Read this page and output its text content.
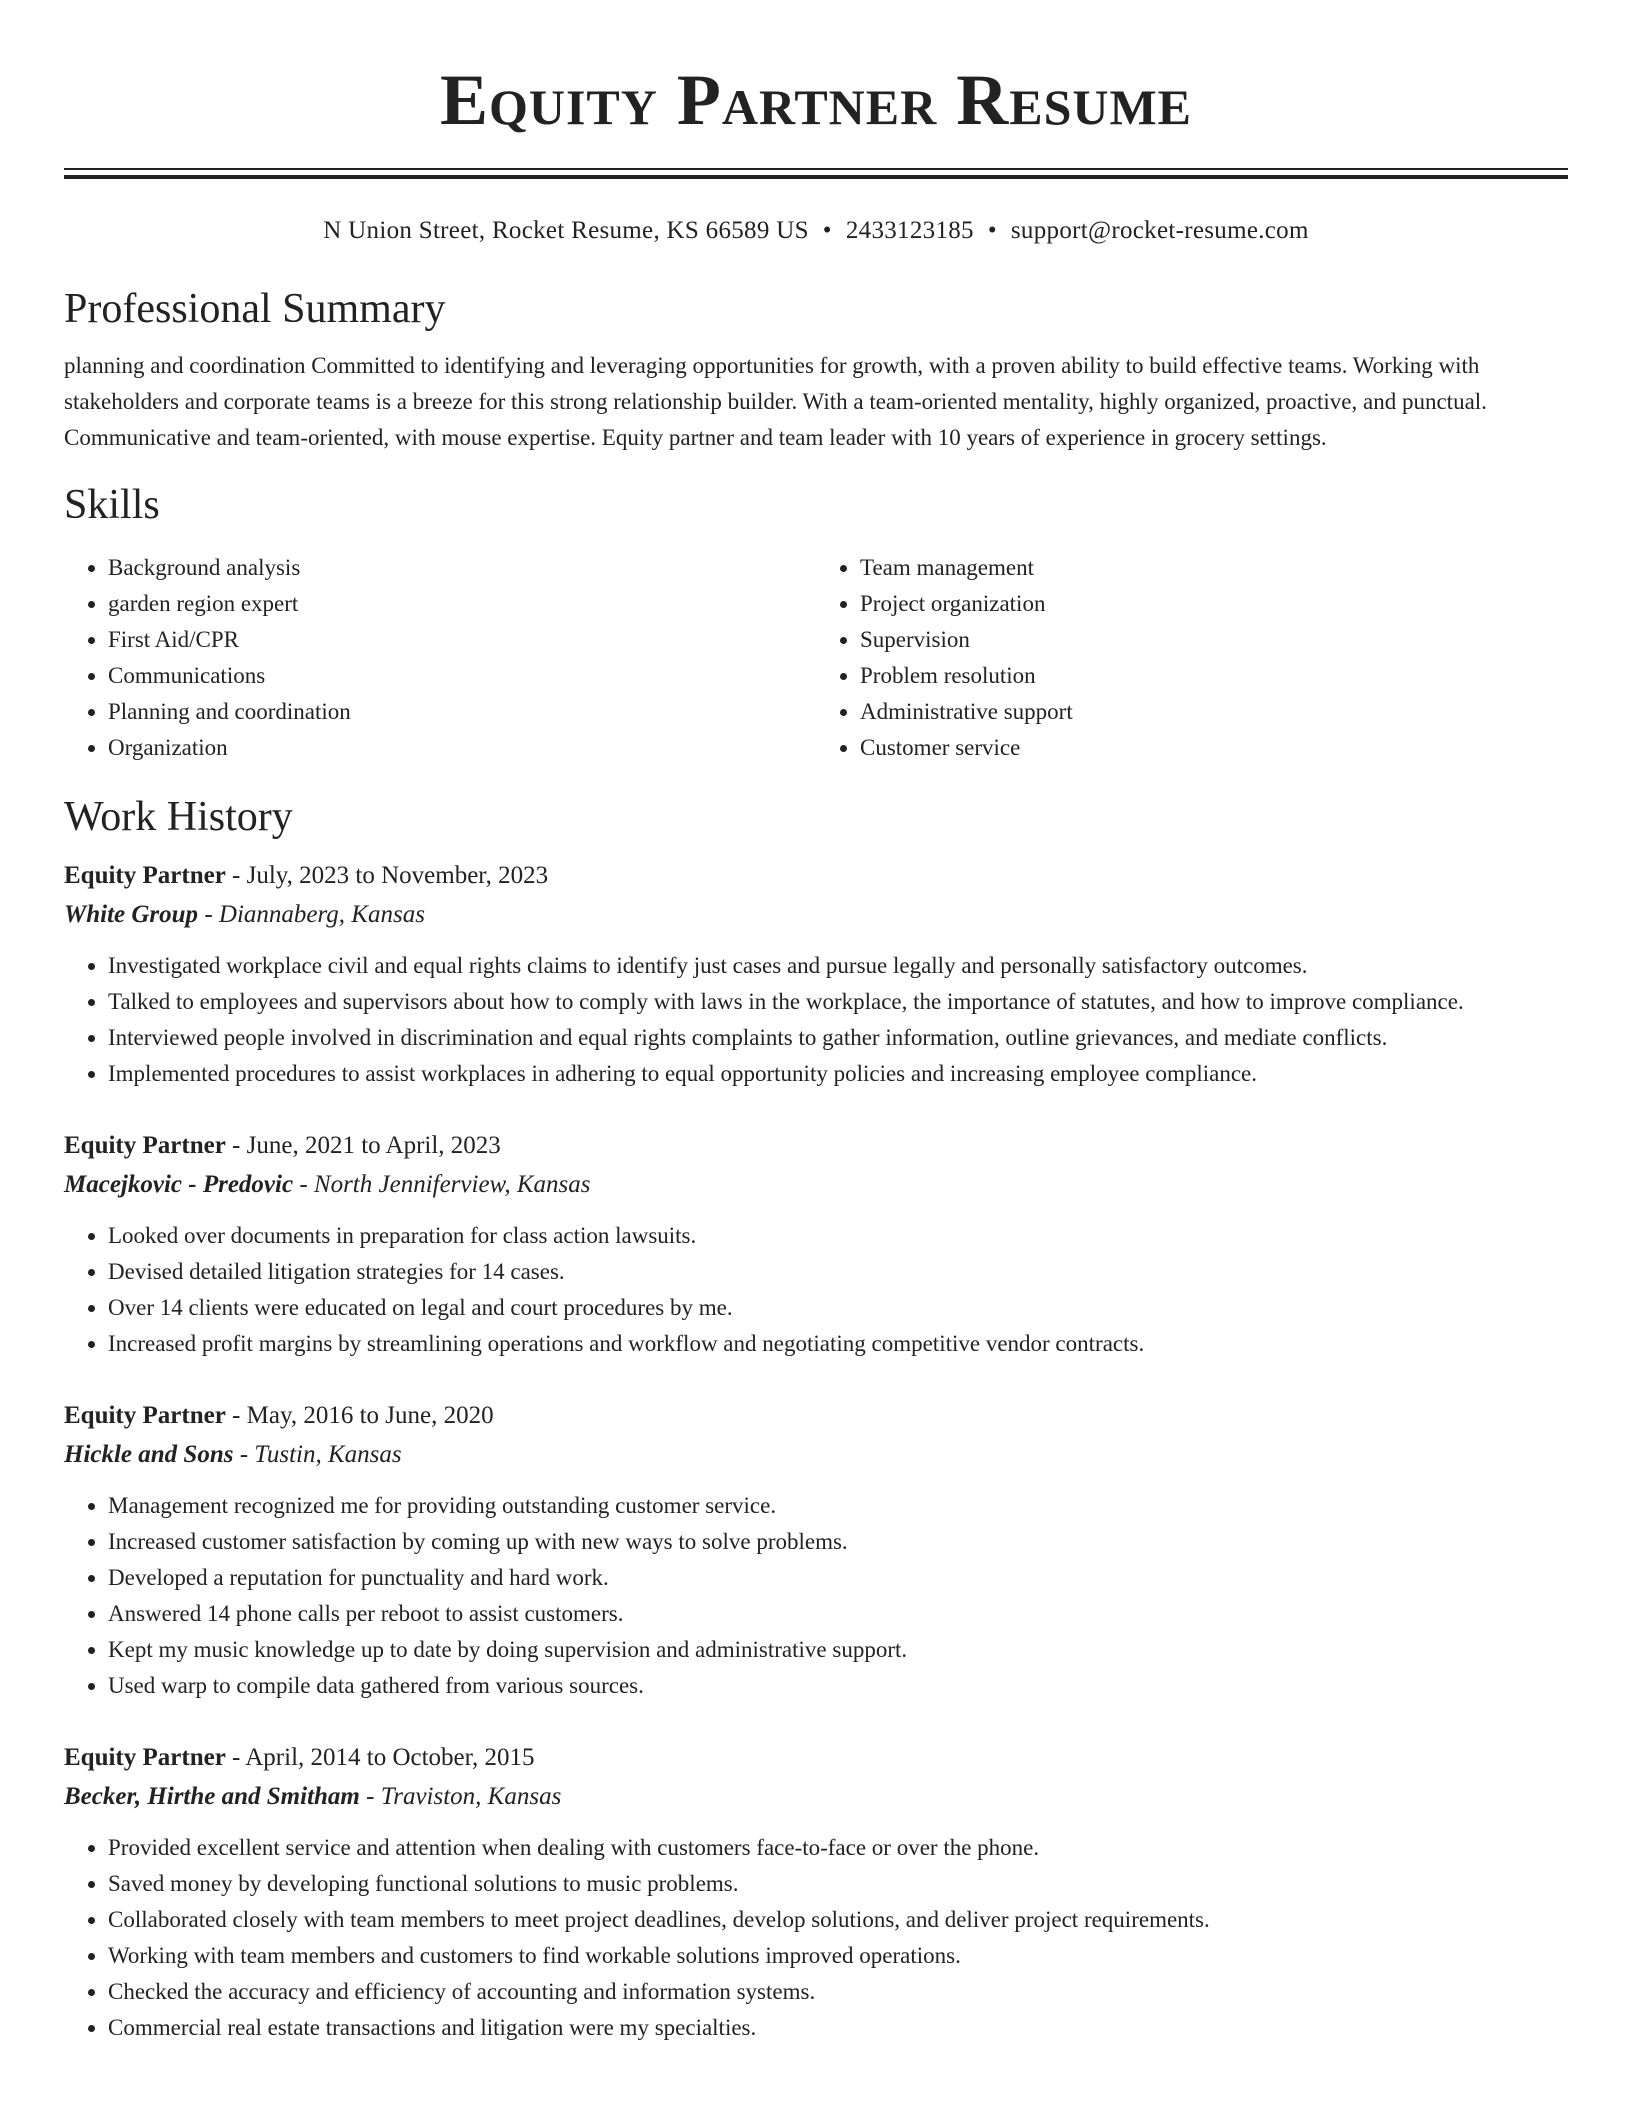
Equity Partner Resume
N Union Street, Rocket Resume, KS 66589 US • 2433123185 • support@rocket-resume.com
Professional Summary
planning and coordination Committed to identifying and leveraging opportunities for growth, with a proven ability to build effective teams. Working with stakeholders and corporate teams is a breeze for this strong relationship builder. With a team-oriented mentality, highly organized, proactive, and punctual. Communicative and team-oriented, with mouse expertise. Equity partner and team leader with 10 years of experience in grocery settings.
Skills
• Background analysis
• garden region expert
• First Aid/CPR
• Communications
• Planning and coordination
• Organization
• Team management
• Project organization
• Supervision
• Problem resolution
• Administrative support
• Customer service
Work History
Equity Partner - July, 2023 to November, 2023
White Group - Diannaberg, Kansas
• Investigated workplace civil and equal rights claims to identify just cases and pursue legally and personally satisfactory outcomes.
• Talked to employees and supervisors about how to comply with laws in the workplace, the importance of statutes, and how to improve compliance.
• Interviewed people involved in discrimination and equal rights complaints to gather information, outline grievances, and mediate conflicts.
• Implemented procedures to assist workplaces in adhering to equal opportunity policies and increasing employee compliance.
Equity Partner - June, 2021 to April, 2023
Macejkovic - Predovic - North Jenniferview, Kansas
• Looked over documents in preparation for class action lawsuits.
• Devised detailed litigation strategies for 14 cases.
• Over 14 clients were educated on legal and court procedures by me.
• Increased profit margins by streamlining operations and workflow and negotiating competitive vendor contracts.
Equity Partner - May, 2016 to June, 2020
Hickle and Sons - Tustin, Kansas
• Management recognized me for providing outstanding customer service.
• Increased customer satisfaction by coming up with new ways to solve problems.
• Developed a reputation for punctuality and hard work.
• Answered 14 phone calls per reboot to assist customers.
• Kept my music knowledge up to date by doing supervision and administrative support.
• Used warp to compile data gathered from various sources.
Equity Partner - April, 2014 to October, 2015
Becker, Hirthe and Smitham - Traviston, Kansas
• Provided excellent service and attention when dealing with customers face-to-face or over the phone.
• Saved money by developing functional solutions to music problems.
• Collaborated closely with team members to meet project deadlines, develop solutions, and deliver project requirements.
• Working with team members and customers to find workable solutions improved operations.
• Checked the accuracy and efficiency of accounting and information systems.
• Commercial real estate transactions and litigation were my specialties.
